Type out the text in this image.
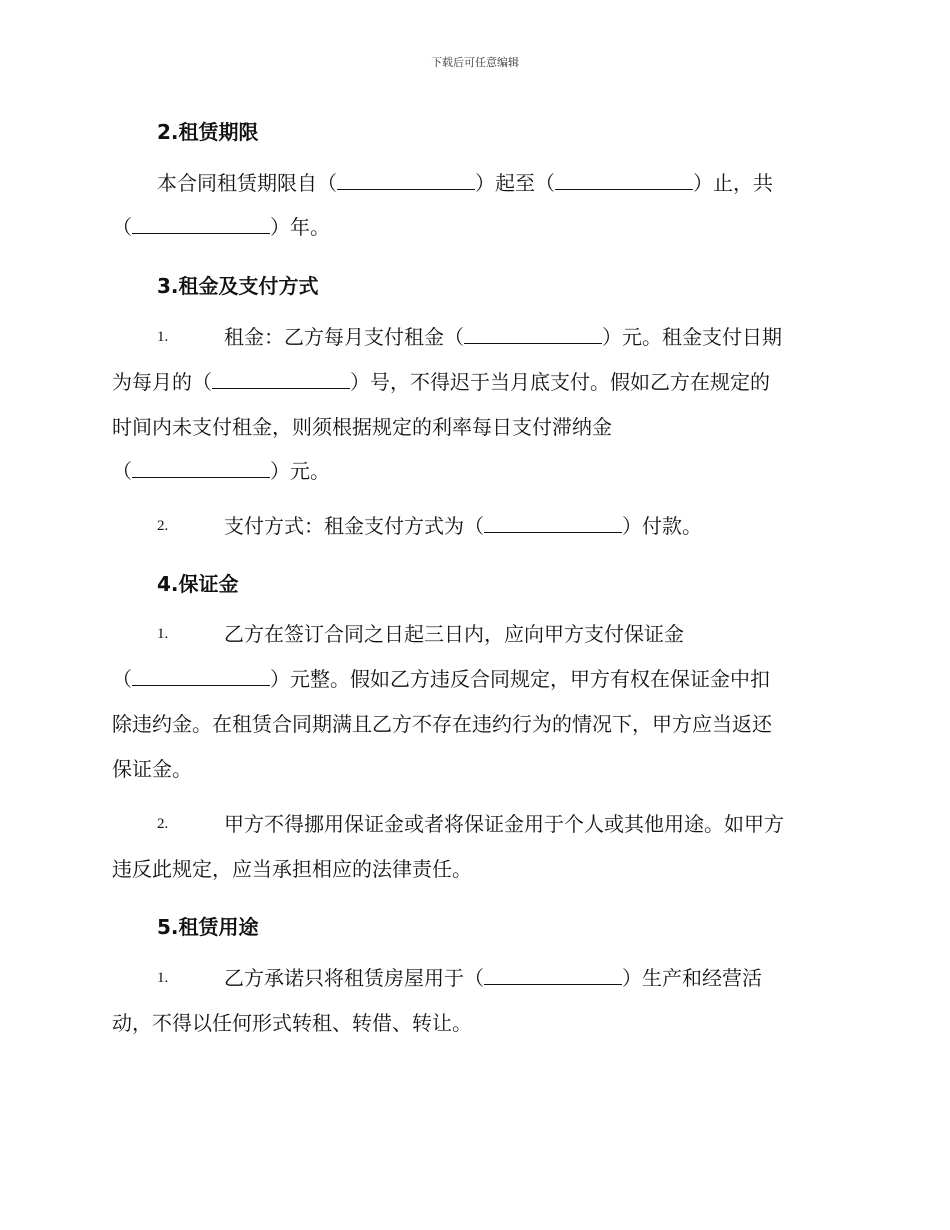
下载后可任意编辑
2.租赁期限
本合同租赁期限自（	）起至（	）止，共
（	）年。
3.租金及支付方式
1.	租金：乙方每月支付租金（	）元。租金支付日期
为每月的（	）号，不得迟于当月底支付。假如乙方在规定的
时间内未支付租金，则须根据规定的利率每日支付滞纳金
（	）元。
2.	支付方式：租金支付方式为（	）付款。
4.保证金
1.	乙方在签订合同之日起三日内，应向甲方支付保证金
（	）元整。假如乙方违反合同规定，甲方有权在保证金中扣
除违约金。在租赁合同期满且乙方不存在违约行为的情况下，甲方应当返还
保证金。
2.	甲方不得挪用保证金或者将保证金用于个人或其他用途。如甲方
违反此规定，应当承担相应的法律责任。
5.租赁用途
1.	乙方承诺只将租赁房屋用于（	）生产和经营活
动，不得以任何形式转租、转借、转让。
